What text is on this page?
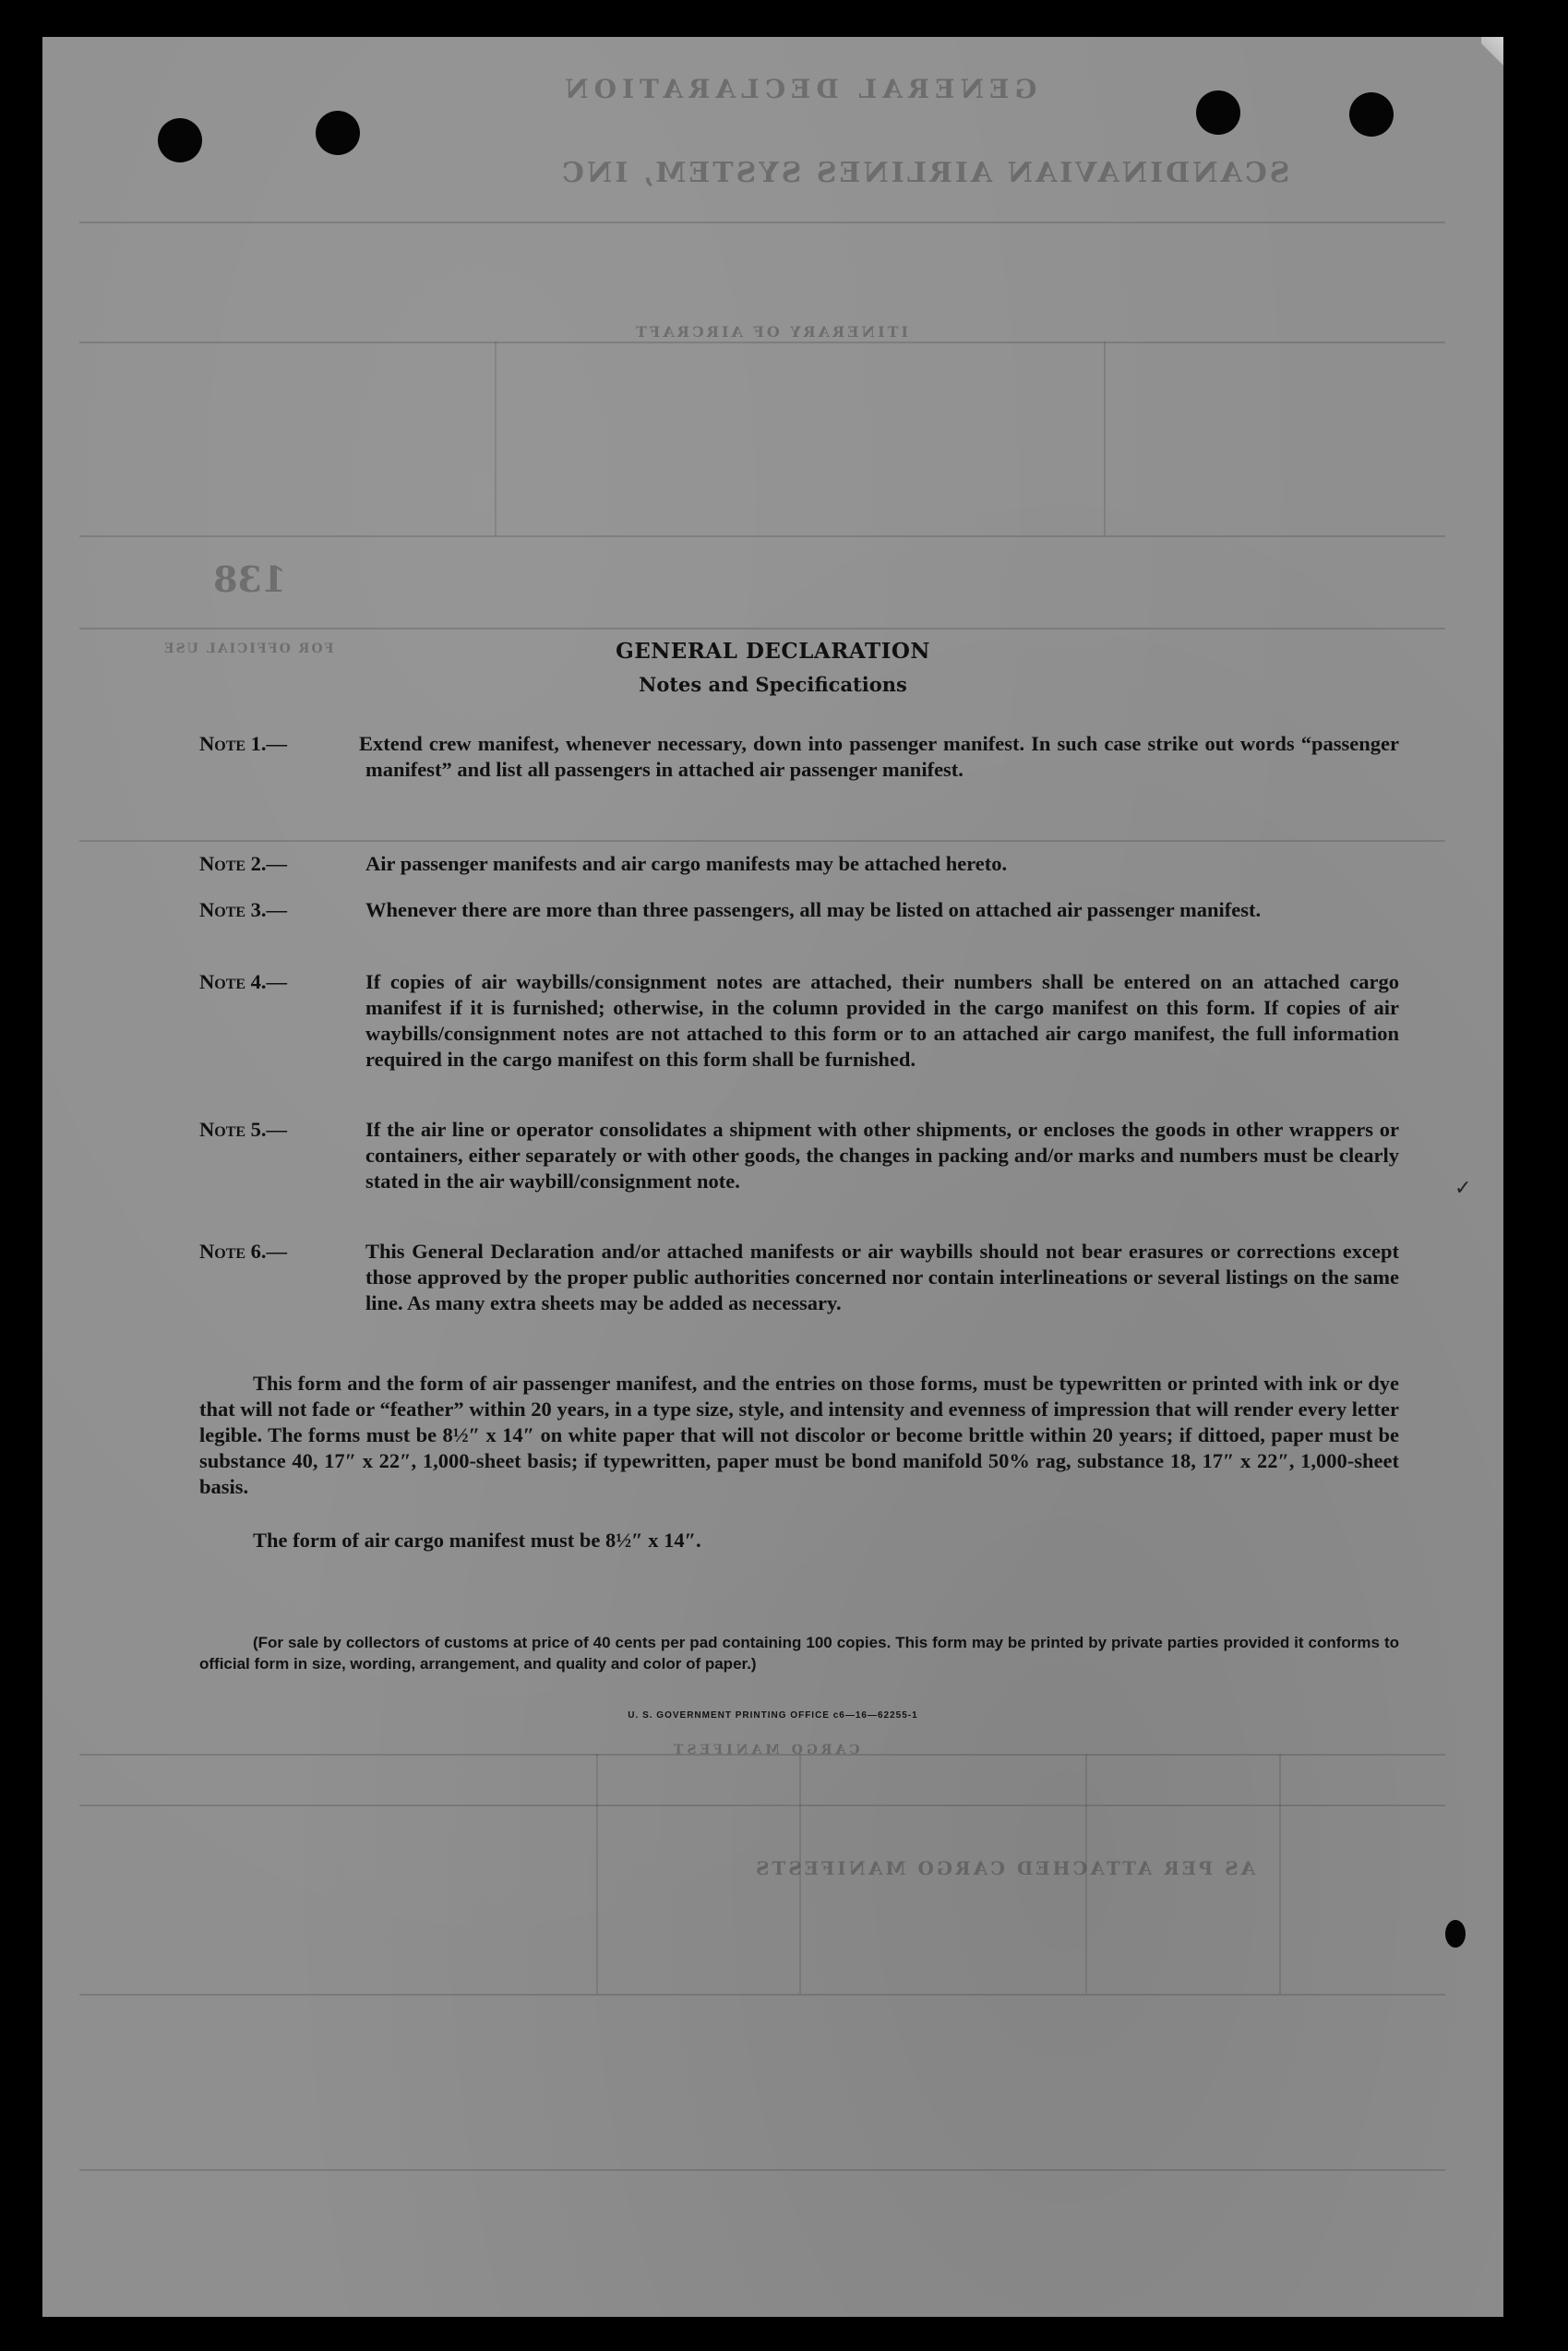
GENERAL DECLARATION
SCANDINAVIAN AIRLINES SYSTEM, INC
ITINERARY OF AIRCRAFT
138
FOR OFFICIAL USE
CARGO MANIFEST
AS PER ATTACHED CARGO MANIFESTS
✓
GENERAL DECLARATION
Notes and Specifications
Note 1.—	Extend crew manifest, whenever necessary, down into passenger manifest. In such case strike out words “passenger manifest” and list all passengers in attached air passenger manifest.
Note 2.—	Air passenger manifests and air cargo manifests may be attached hereto.
Note 3.—	Whenever there are more than three passengers, all may be listed on attached air passenger manifest.
Note 4.—	If copies of air waybills/consignment notes are attached, their numbers shall be entered on an attached cargo manifest if it is furnished; otherwise, in the column provided in the cargo manifest on this form. If copies of air waybills/consignment notes are not attached to this form or to an attached air cargo manifest, the full information required in the cargo manifest on this form shall be furnished.
Note 5.—	If the air line or operator consolidates a shipment with other shipments, or encloses the goods in other wrappers or containers, either separately or with other goods, the changes in packing and/or marks and numbers must be clearly stated in the air waybill/consignment note.
Note 6.—	This General Declaration and/or attached manifests or air waybills should not bear erasures or corrections except those approved by the proper public authorities concerned nor contain interlineations or several listings on the same line. As many extra sheets may be added as necessary.
This form and the form of air passenger manifest, and the entries on those forms, must be typewritten or printed with ink or dye that will not fade or “feather” within 20 years, in a type size, style, and intensity and evenness of impression that will render every letter legible. The forms must be 8½″ x 14″ on white paper that will not discolor or become brittle within 20 years; if dittoed, paper must be substance 40, 17″ x 22″, 1,000-sheet basis; if typewritten, paper must be bond manifold 50% rag, substance 18, 17″ x 22″, 1,000-sheet basis.
The form of air cargo manifest must be 8½″ x 14″.
(For sale by collectors of customs at price of 40 cents per pad containing 100 copies. This form may be printed by private parties provided it conforms to official form in size, wording, arrangement, and quality and color of paper.)
U. S. GOVERNMENT PRINTING OFFICE c6—16—62255-1
